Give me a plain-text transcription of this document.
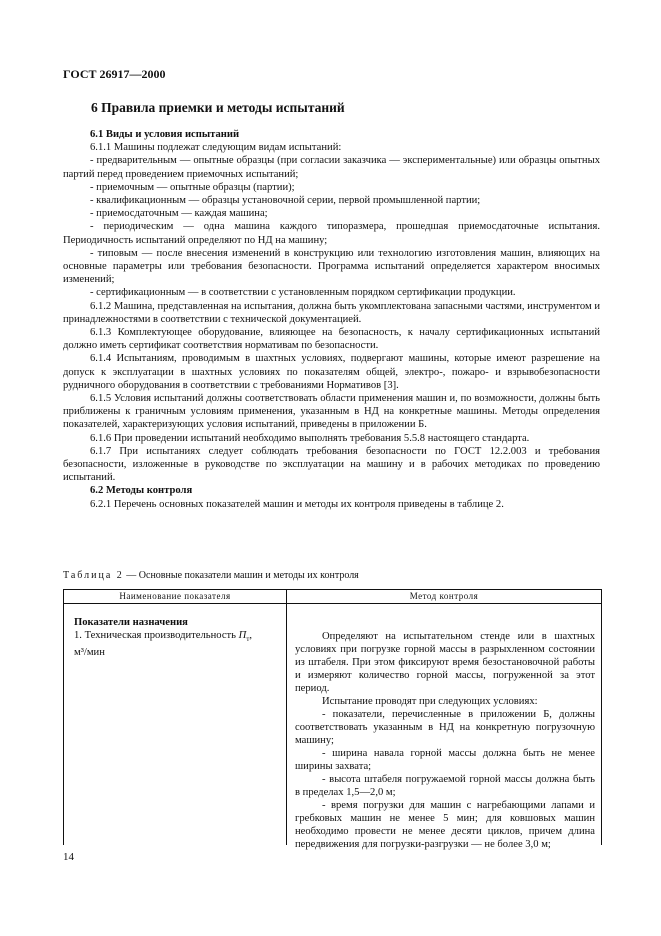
ГОСТ 26917—2000
6 Правила приемки и методы испытаний

6.1 Виды и условия испытаний

6.1.1 Машины подлежат следующим видам испытаний:

- предварительным — опытные образцы (при согласии заказчика — экспериментальные) или образцы опытных партий перед проведением приемочных испытаний;

- приемочным — опытные образцы (партии);

- квалификационным — образцы установочной серии, первой промышленной партии;

- приемосдаточным — каждая машина;

- периодическим — одна машина каждого типоразмера, прошедшая приемосдаточные испытания. Периодичность испытаний определяют по НД на машину;

- типовым — после внесения изменений в конструкцию или технологию изготовления машин, влияющих на основные параметры или требования безопасности. Программа испытаний определяется характером вносимых изменений;

- сертификационным — в соответствии с установленным порядком сертификации продукции.

6.1.2 Машина, представленная на испытания, должна быть укомплектована запасными частями, инструментом и принадлежностями в соответствии с технической документацией.

6.1.3 Комплектующее оборудование, влияющее на безопасность, к началу сертификационных испытаний должно иметь сертификат соответствия нормативам по безопасности.

6.1.4 Испытаниям, проводимым в шахтных условиях, подвергают машины, которые имеют разрешение на допуск к эксплуатации в шахтных условиях по показателям общей, электро-, пожаро- и взрывобезопасности рудничного оборудования в соответствии с требованиями Нормативов [3].

6.1.5 Условия испытаний должны соответствовать области применения машин и, по возможности, должны быть приближены к граничным условиям применения, указанным в НД на конкретные машины. Методы определения показателей, характеризующих условия испытаний, приведены в приложении Б.

6.1.6 При проведении испытаний необходимо выполнять требования 5.5.8 настоящего стандарта.

6.1.7 При испытаниях следует соблюдать требования безопасности по ГОСТ 12.2.003 и требования безопасности, изложенные в руководстве по эксплуатации на машину и в рабочих методиках по проведению испытаний.

6.2 Методы контроля

6.2.1 Перечень основных показателей машин и методы их контроля приведены в таблице 2.

Таблица 2 — Основные показатели машин и методы их контроля
Наименование показателя	Метод контроля

Показатели назначения

1. Техническая производительность $П_т$,
м³/мин

Определяют на испытательном стенде или в шахтных условиях при погрузке горной массы в разрыхленном состоянии из штабеля. При этом фиксируют время безостановочной работы и измеряют количество горной массы, погруженной за этот период.

Испытание проводят при следующих условиях:

- показатели, перечисленные в приложении Б, должны соответствовать указанным в НД на конкретную погрузочную машину;

- ширина навала горной массы должна быть не менее ширины захвата;

- высота штабеля погружаемой горной массы должна быть в пределах 1,5—2,0 м;

- время погрузки для машин с нагребающими лапами и гребковых машин не менее 5 мин; для ковшовых машин необходимо провести не менее десяти циклов, причем длина передвижения для погрузки-разгрузки — не более 3,0 м;

14
